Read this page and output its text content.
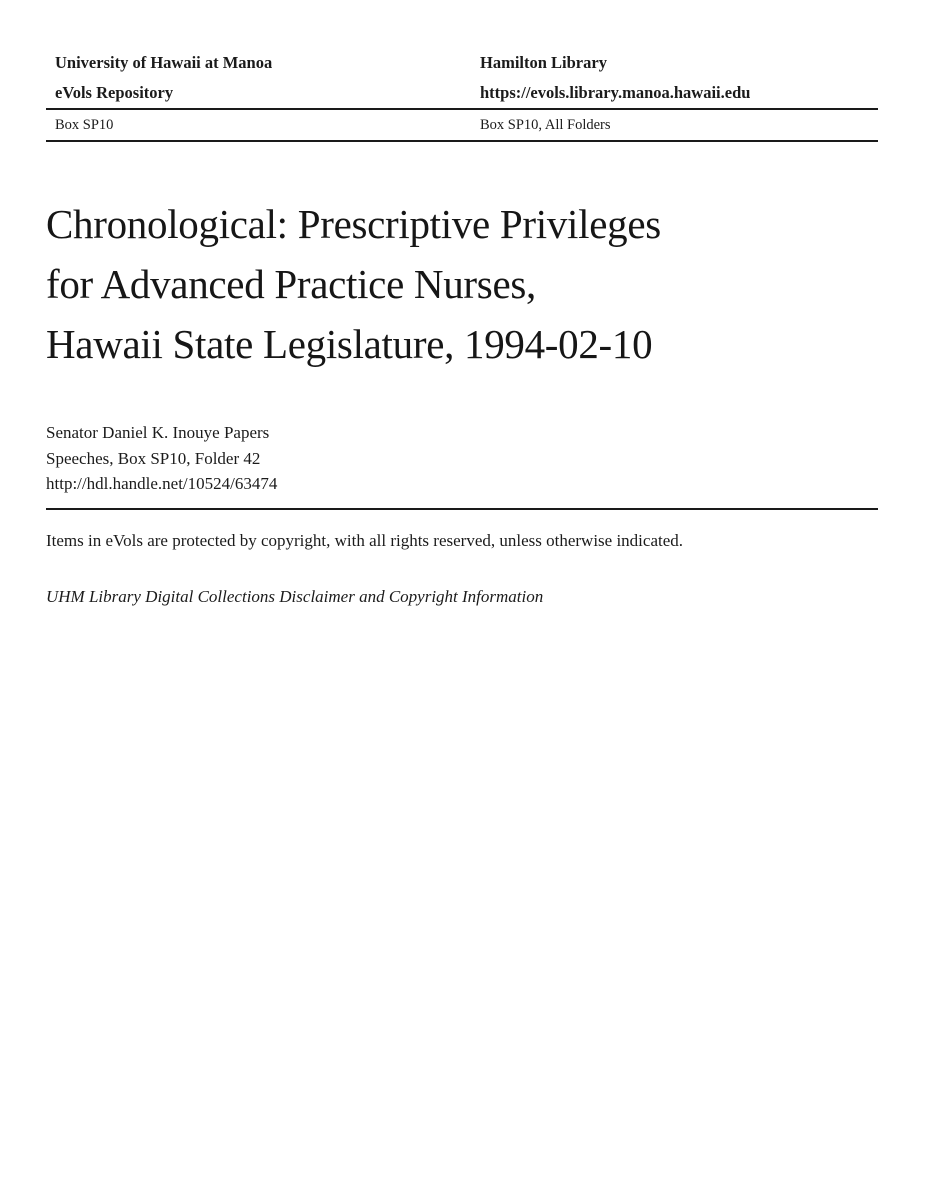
University of Hawaii at Manoa	Hamilton Library
eVols Repository	https://evols.library.manoa.hawaii.edu
Box SP10	Box SP10, All Folders
Chronological: Prescriptive Privileges
for Advanced Practice Nurses,
Hawaii State Legislature, 1994-02-10
Senator Daniel K. Inouye Papers
Speeches, Box SP10, Folder 42
http://hdl.handle.net/10524/63474
Items in eVols are protected by copyright, with all rights reserved, unless otherwise indicated.
UHM Library Digital Collections Disclaimer and Copyright Information
